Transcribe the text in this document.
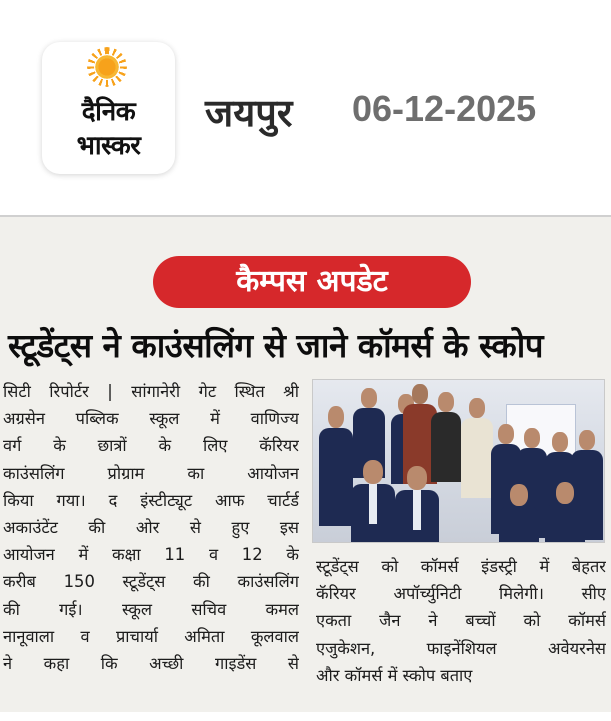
दैनिक
भास्कर
जयपुर 06-12-2025
कैम्पस अपडेट
स्टूडेंट्स ने काउंसलिंग से जाने कॉमर्स के स्कोप
सिटी रिपोर्टर | सांगानेरी गेट स्थित श्री
अग्रसेन पब्लिक स्कूल में वाणिज्य
वर्ग के छात्रों के लिए कॅरियर
काउंसलिंग प्रोग्राम का आयोजन
किया गया। द इंस्टीट्यूट आफ चार्टर्ड
अकाउंटेंट की ओर से हुए इस
आयोजन में कक्षा 11 व 12 के
करीब 150 स्टूडेंट्स की काउंसलिंग
की गई। स्कूल सचिव कमल
नानूवाला व प्राचार्या अमिता कूलवाल
ने कहा कि अच्छी गाइडेंस से
स्टूडेंट्स को कॉमर्स इंडस्ट्री में बेहतर
कॅरियर अपॉर्च्युनिटी मिलेगी। सीए
एकता जैन ने बच्चों को कॉमर्स
एजुकेशन, फाइनेंशियल अवेयरनेस
और कॉमर्स में स्कोप बताए
